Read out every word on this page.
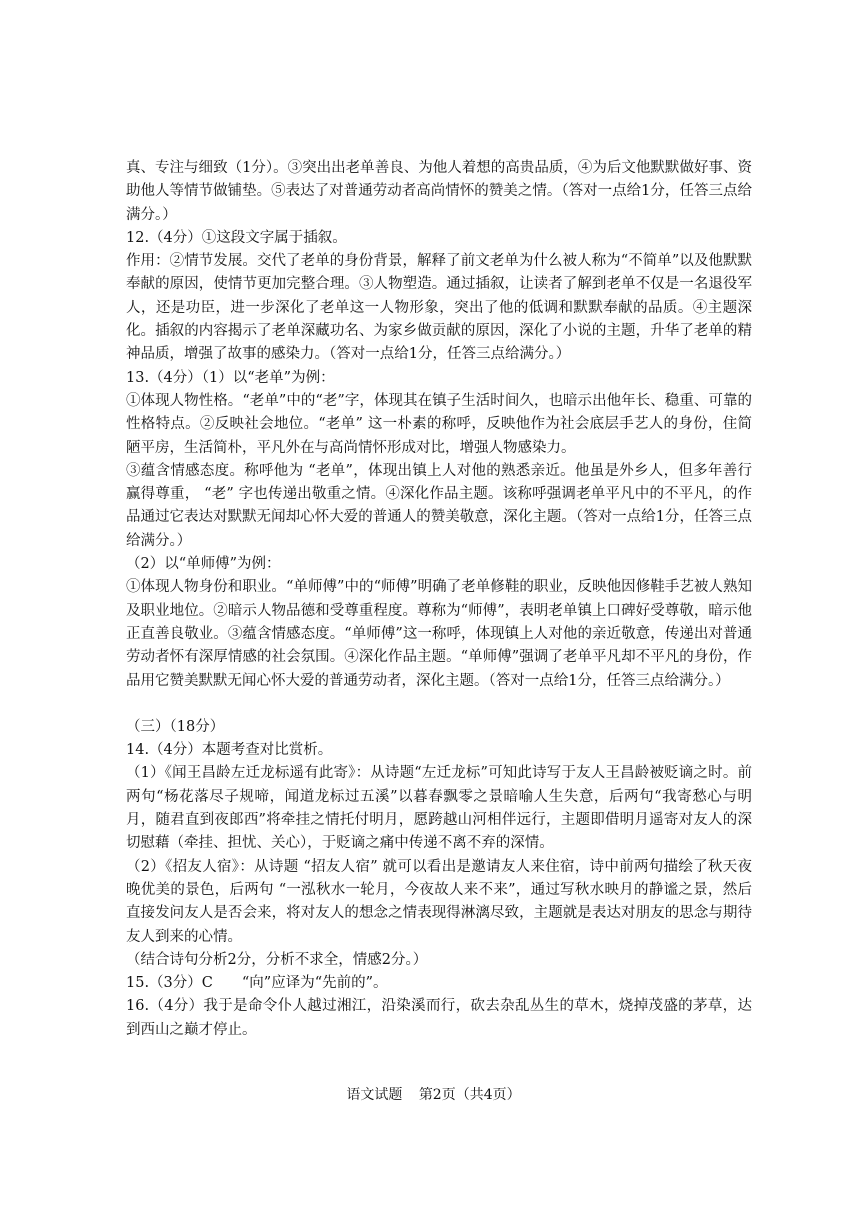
真、专注与细致（1分）。③突出出老单善良、为他人着想的高贵品质，④为后文他默默做好事、资助他人等情节做铺垫。⑤表达了对普通劳动者高尚情怀的赞美之情。（答对一点给1分，任答三点给满分。）

12.（4分）①这段文字属于插叙。

作用：②情节发展。交代了老单的身份背景，解释了前文老单为什么被人称为“不简单”以及他默默奉献的原因，使情节更加完整合理。③人物塑造。通过插叙，让读者了解到老单不仅是一名退役军人，还是功臣，进一步深化了老单这一人物形象，突出了他的低调和默默奉献的品质。④主题深化。插叙的内容揭示了老单深藏功名、为家乡做贡献的原因，深化了小说的主题，升华了老单的精神品质，增强了故事的感染力。（答对一点给1分，任答三点给满分。）

13.（4分）（1）以“老单”为例：

①体现人物性格。“老单”中的“老”字，体现其在镇子生活时间久，也暗示出他年长、稳重、可靠的性格特点。②反映社会地位。“老单” 这一朴素的称呼，反映他作为社会底层手艺人的身份，住简陋平房，生活简朴，平凡外在与高尚情怀形成对比，增强人物感染力。

③蕴含情感态度。称呼他为 “老单”，体现出镇上人对他的熟悉亲近。他虽是外乡人，但多年善行赢得尊重， “老” 字也传递出敬重之情。④深化作品主题。该称呼强调老单平凡中的不平凡，的作品通过它表达对默默无闻却心怀大爱的普通人的赞美敬意，深化主题。（答对一点给1分，任答三点给满分。）

（2）以“单师傅”为例：

①体现人物身份和职业。“单师傅”中的“师傅”明确了老单修鞋的职业，反映他因修鞋手艺被人熟知及职业地位。②暗示人物品德和受尊重程度。尊称为“师傅”，表明老单镇上口碑好受尊敬，暗示他正直善良敬业。③蕴含情感态度。“单师傅”这一称呼，体现镇上人对他的亲近敬意，传递出对普通劳动者怀有深厚情感的社会氛围。④深化作品主题。“单师傅”强调了老单平凡却不平凡的身份，作品用它赞美默默无闻心怀大爱的普通劳动者，深化主题。（答对一点给1分，任答三点给满分。）

（三）（18分）

14.（4分）本题考查对比赏析。

（1）《闻王昌龄左迁龙标遥有此寄》：从诗题“左迁龙标”可知此诗写于友人王昌龄被贬谪之时。前两句“杨花落尽子规啼，闻道龙标过五溪”以暮春飘零之景暗喻人生失意，后两句“我寄愁心与明月，随君直到夜郎西”将牵挂之情托付明月，愿跨越山河相伴远行，主题即借明月遥寄对友人的深切慰藉（牵挂、担忧、关心），于贬谪之痛中传递不离不弃的深情。

（2）《招友人宿》：从诗题 “招友人宿” 就可以看出是邀请友人来住宿，诗中前两句描绘了秋天夜晚优美的景色，后两句 “一泓秋水一轮月，今夜故人来不来”，通过写秋水映月的静谧之景，然后直接发问友人是否会来，将对友人的想念之情表现得淋漓尽致，主题就是表达对朋友的思念与期待友人到来的心情。

（结合诗句分析2分，分析不求全，情感2分。）

15.（3分）C　　“向”应译为“先前的”。

16.（4分）我于是命令仆人越过湘江，沿染溪而行，砍去杂乱丛生的草木，烧掉茂盛的茅草，达到西山之巅才停止。

语文试题 第2页（共4页）
